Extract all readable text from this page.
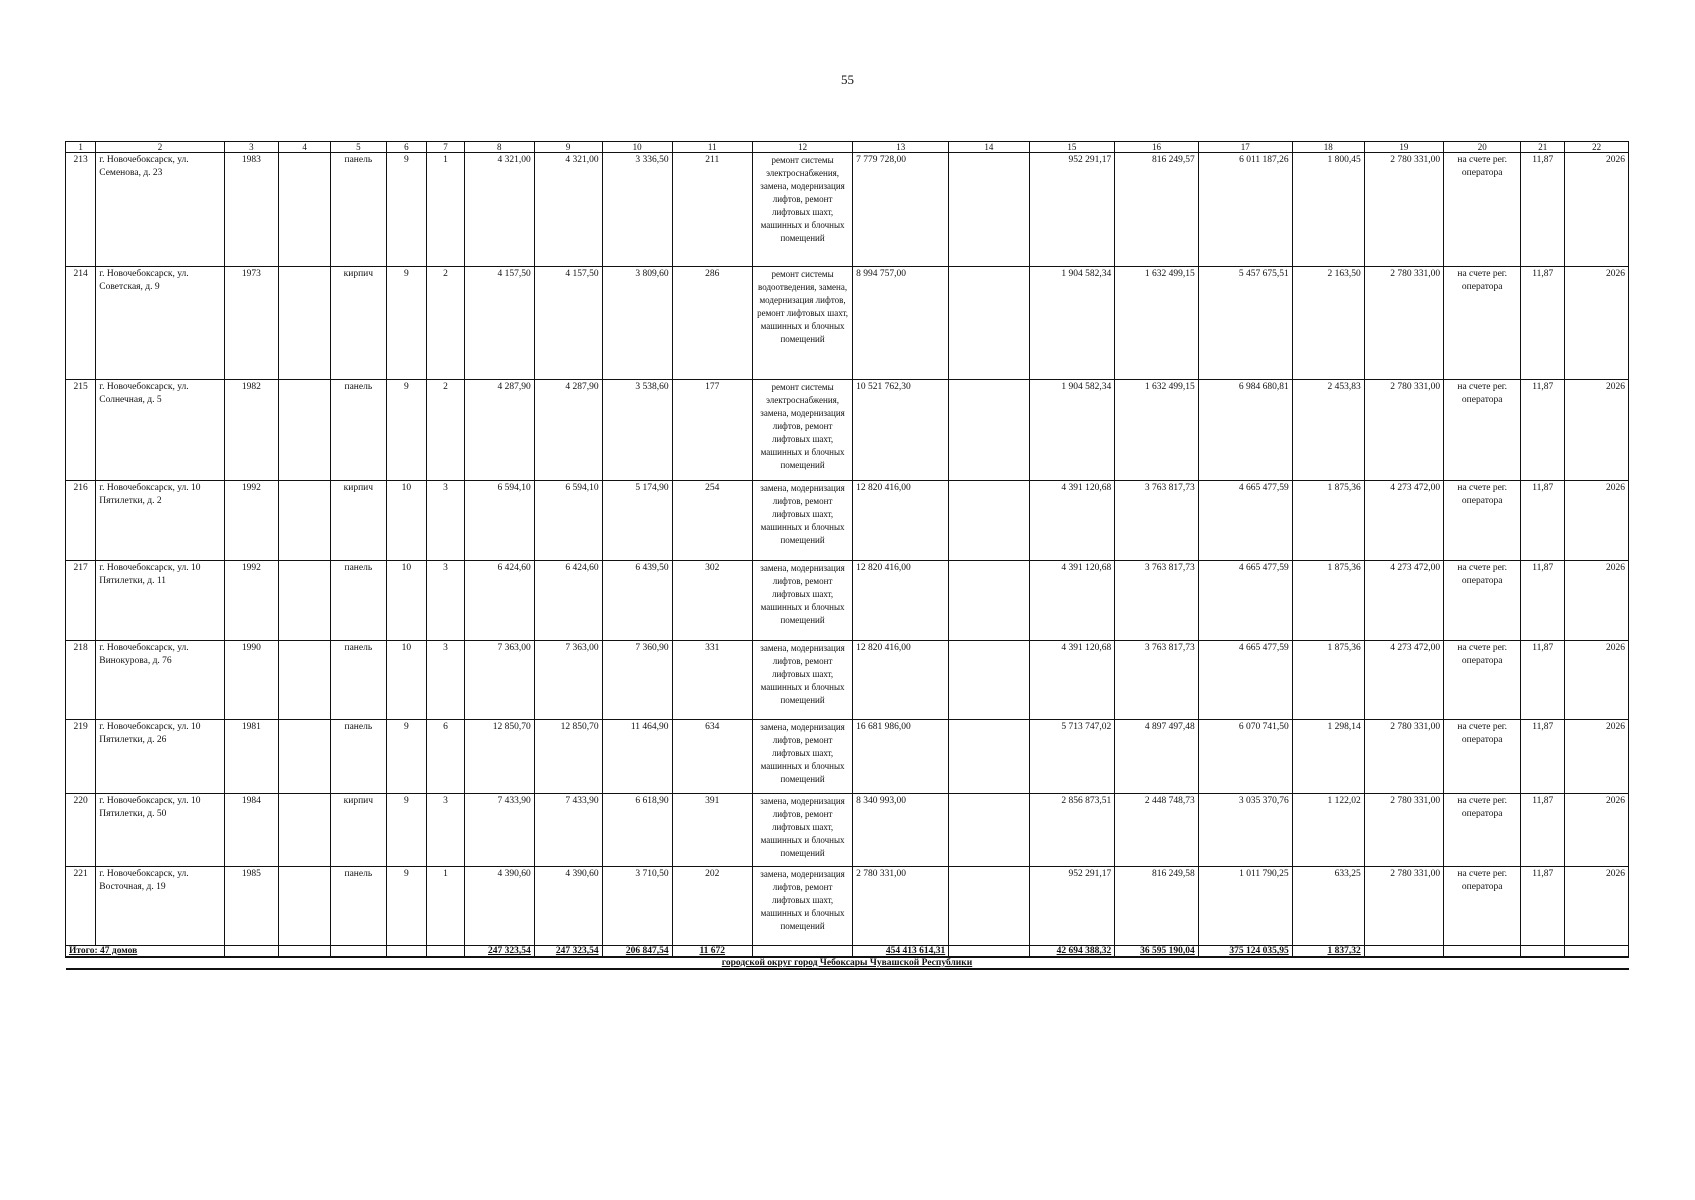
55
1	2	3	4	5	6	7	8	9	10	11	12	13	14	15	16	17	18	19	20	21	22
213	г. Новочебоксарск, ул. Семенова, д. 23	1983		панель	9	1	4 321,00	4 321,00	3 336,50	211	ремонт системы электроснабжения, замена, модернизация лифтов, ремонт лифтовых шахт, машинных и блочных помещений	7 779 728,00		952 291,17	816 249,57	6 011 187,26	1 800,45	2 780 331,00	на счете рег. оператора	11,87	2026
214	г. Новочебоксарск, ул. Советская, д. 9	1973		кирпич	9	2	4 157,50	4 157,50	3 809,60	286	ремонт системы водоотведения, замена, модернизация лифтов, ремонт лифтовых шахт, машинных и блочных помещений	8 994 757,00		1 904 582,34	1 632 499,15	5 457 675,51	2 163,50	2 780 331,00	на счете рег. оператора	11,87	2026
215	г. Новочебоксарск, ул. Солнечная, д. 5	1982		панель	9	2	4 287,90	4 287,90	3 538,60	177	ремонт системы электроснабжения, замена, модернизация лифтов, ремонт лифтовых шахт, машинных и блочных помещений	10 521 762,30		1 904 582,34	1 632 499,15	6 984 680,81	2 453,83	2 780 331,00	на счете рег. оператора	11,87	2026
216	г. Новочебоксарск, ул. 10 Пятилетки, д. 2	1992		кирпич	10	3	6 594,10	6 594,10	5 174,90	254	замена, модернизация лифтов, ремонт лифтовых шахт, машинных и блочных помещений	12 820 416,00		4 391 120,68	3 763 817,73	4 665 477,59	1 875,36	4 273 472,00	на счете рег. оператора	11,87	2026
217	г. Новочебоксарск, ул. 10 Пятилетки, д. 11	1992		панель	10	3	6 424,60	6 424,60	6 439,50	302	замена, модернизация лифтов, ремонт лифтовых шахт, машинных и блочных помещений	12 820 416,00		4 391 120,68	3 763 817,73	4 665 477,59	1 875,36	4 273 472,00	на счете рег. оператора	11,87	2026
218	г. Новочебоксарск, ул. Винокурова, д. 76	1990		панель	10	3	7 363,00	7 363,00	7 360,90	331	замена, модернизация лифтов, ремонт лифтовых шахт, машинных и блочных помещений	12 820 416,00		4 391 120,68	3 763 817,73	4 665 477,59	1 875,36	4 273 472,00	на счете рег. оператора	11,87	2026
219	г. Новочебоксарск, ул. 10 Пятилетки, д. 26	1981		панель	9	6	12 850,70	12 850,70	11 464,90	634	замена, модернизация лифтов, ремонт лифтовых шахт, машинных и блочных помещений	16 681 986,00		5 713 747,02	4 897 497,48	6 070 741,50	1 298,14	2 780 331,00	на счете рег. оператора	11,87	2026
220	г. Новочебоксарск, ул. 10 Пятилетки, д. 50	1984		кирпич	9	3	7 433,90	7 433,90	6 618,90	391	замена, модернизация лифтов, ремонт лифтовых шахт, машинных и блочных помещений	8 340 993,00		2 856 873,51	2 448 748,73	3 035 370,76	1 122,02	2 780 331,00	на счете рег. оператора	11,87	2026
221	г. Новочебоксарск, ул. Восточная, д. 19	1985		панель	9	1	4 390,60	4 390,60	3 710,50	202	замена, модернизация лифтов, ремонт лифтовых шахт, машинных и блочных помещений	2 780 331,00		952 291,17	816 249,58	1 011 790,25	633,25	2 780 331,00	на счете рег. оператора	11,87	2026
Итого: 47 домов							247 323,54	247 323,54	206 847,54	11 672		454 413 614,31		42 694 388,32	36 595 190,04	375 124 035,95	1 837,32				
городской округ город Чебоксары Чувашской Республики																					
